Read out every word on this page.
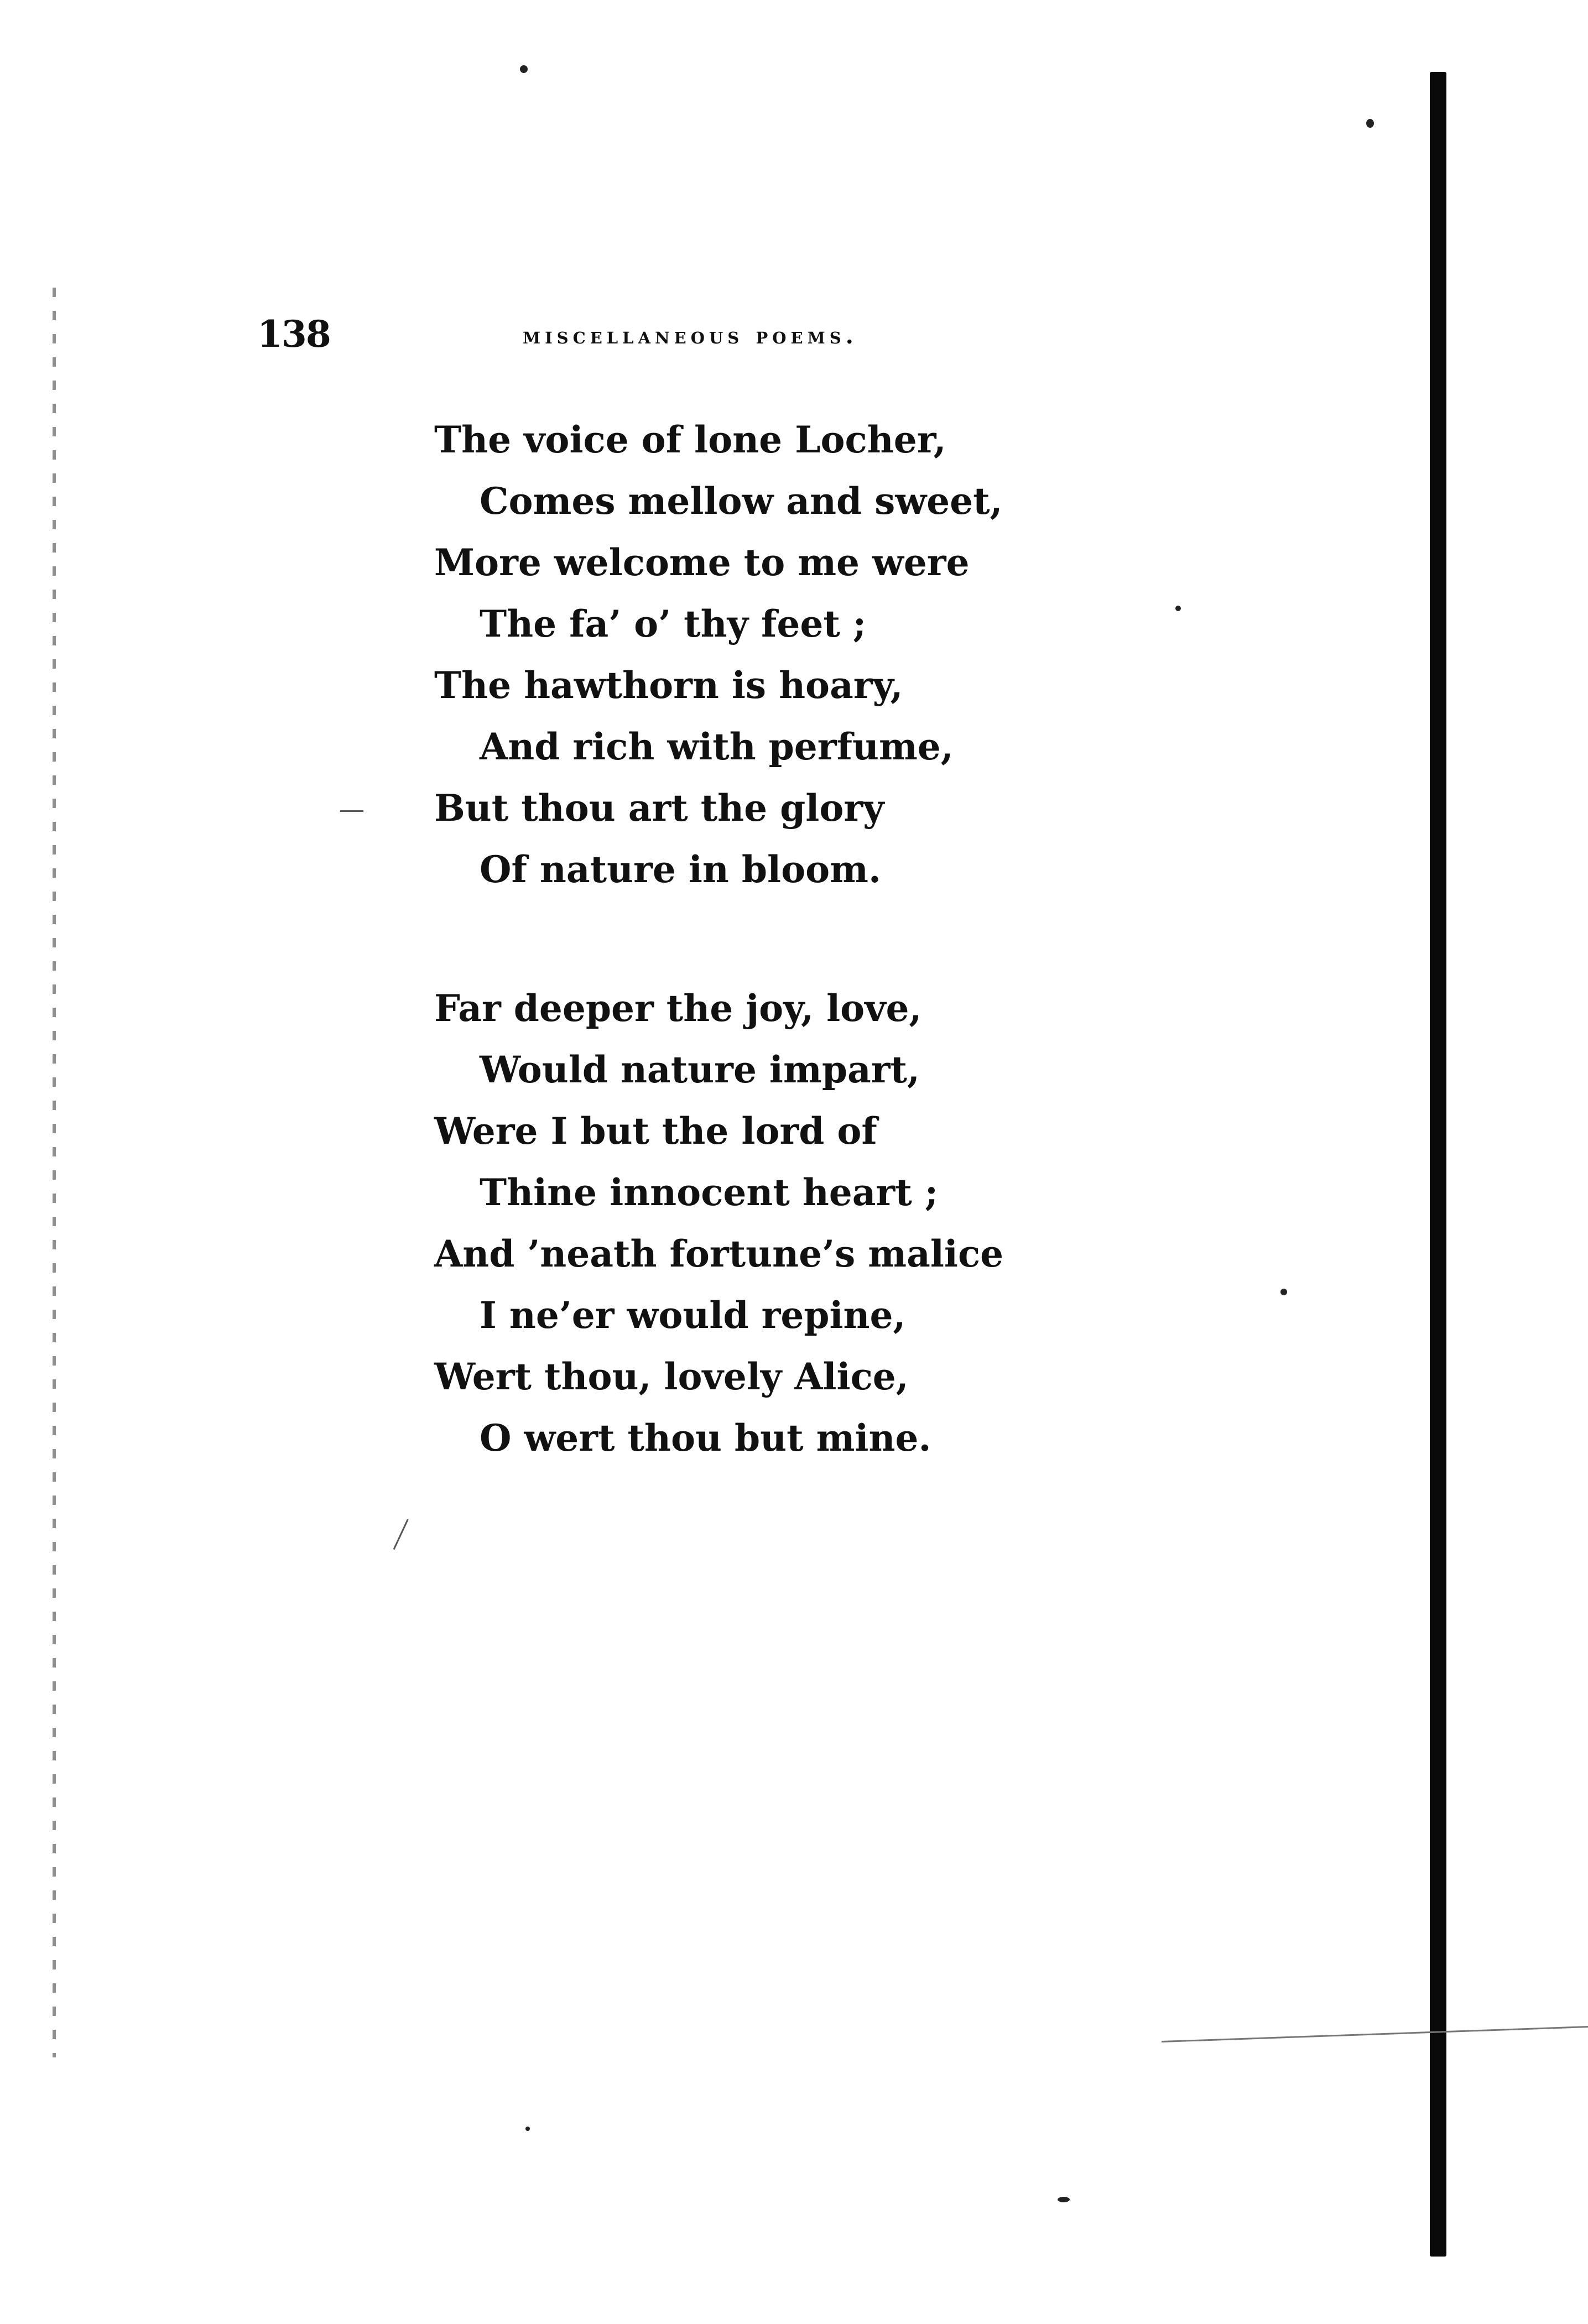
138	miscellaneous poems.
The voice of lone Locher,
Comes mellow and sweet,
More welcome to me were
The fa’ o’ thy feet ;
The hawthorn is hoary,
And rich with perfume,
But thou art the glory
Of nature in bloom.
Far deeper the joy, love,
Would nature impart,
Were I but the lord of
Thine innocent heart ;
And ’neath fortune’s malice
I ne’er would repine,
Wert thou, lovely Alice,
O wert thou but mine.
